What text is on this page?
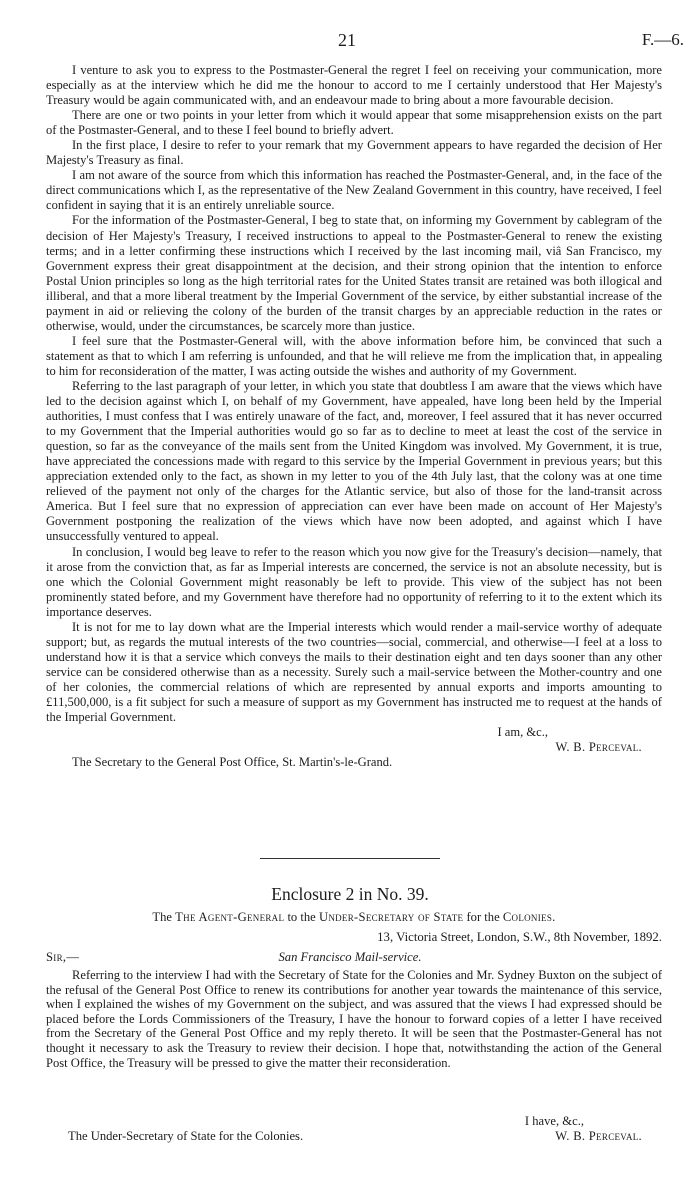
21	F.—6.

I venture to ask you to express to the Postmaster-General the regret I feel on receiving your communication, more especially as at the interview which he did me the honour to accord to me I certainly understood that Her Majesty's Treasury would be again communicated with, and an endeavour made to bring about a more favourable decision.

There are one or two points in your letter from which it would appear that some misapprehension exists on the part of the Postmaster-General, and to these I feel bound to briefly advert.

In the first place, I desire to refer to your remark that my Government appears to have regarded the decision of Her Majesty's Treasury as final.

I am not aware of the source from which this information has reached the Postmaster-General, and, in the face of the direct communications which I, as the representative of the New Zealand Government in this country, have received, I feel confident in saying that it is an entirely unreliable source.

For the information of the Postmaster-General, I beg to state that, on informing my Government by cablegram of the decision of Her Majesty's Treasury, I received instructions to appeal to the Postmaster-General to renew the existing terms; and in a letter confirming these instructions which I received by the last incoming mail, viâ San Francisco, my Government express their great disappointment at the decision, and their strong opinion that the intention to enforce Postal Union principles so long as the high territorial rates for the United States transit are retained was both illogical and illiberal, and that a more liberal treatment by the Imperial Government of the service, by either substantial increase of the payment in aid or relieving the colony of the burden of the transit charges by an appreciable reduction in the rates or otherwise, would, under the circumstances, be scarcely more than justice.

I feel sure that the Postmaster-General will, with the above information before him, be convinced that such a statement as that to which I am referring is unfounded, and that he will relieve me from the implication that, in appealing to him for reconsideration of the matter, I was acting outside the wishes and authority of my Government.

Referring to the last paragraph of your letter, in which you state that doubtless I am aware that the views which have led to the decision against which I, on behalf of my Government, have appealed, have long been held by the Imperial authorities, I must confess that I was entirely unaware of the fact, and, moreover, I feel assured that it has never occurred to my Government that the Imperial authorities would go so far as to decline to meet at least the cost of the service in question, so far as the conveyance of the mails sent from the United Kingdom was involved. My Government, it is true, have appreciated the concessions made with regard to this service by the Imperial Government in previous years; but this appreciation extended only to the fact, as shown in my letter to you of the 4th July last, that the colony was at one time relieved of the payment not only of the charges for the Atlantic service, but also of those for the land-transit across America. But I feel sure that no expression of appreciation can ever have been made on account of Her Majesty's Government postponing the realization of the views which have now been adopted, and against which I have unsuccessfully ventured to appeal.

In conclusion, I would beg leave to refer to the reason which you now give for the Treasury's decision—namely, that it arose from the conviction that, as far as Imperial interests are concerned, the service is not an absolute necessity, but is one which the Colonial Government might reasonably be left to provide. This view of the subject has not been prominently stated before, and my Government have therefore had no opportunity of referring to it to the extent which its importance deserves.

It is not for me to lay down what are the Imperial interests which would render a mail-service worthy of adequate support; but, as regards the mutual interests of the two countries—social, commercial, and otherwise—I feel at a loss to understand how it is that a service which conveys the mails to their destination eight and ten days sooner than any other service can be considered otherwise than as a necessity. Surely such a mail-service between the Mother-country and one of her colonies, the commercial relations of which are represented by annual exports and imports amounting to £11,500,000, is a fit subject for such a measure of support as my Government has instructed me to request at the hands of the Imperial Government.

I am, &c.,
W. B. Perceval.

The Secretary to the General Post Office, St. Martin's-le-Grand.

Enclosure 2 in No. 39.
The The Agent-General to the Under-Secretary of State for the Colonies.
13, Victoria Street, London, S.W., 8th November, 1892.
San Francisco Mail-service.
Sir,—

Referring to the interview I had with the Secretary of State for the Colonies and Mr. Sydney Buxton on the subject of the refusal of the General Post Office to renew its contributions for another year towards the maintenance of this service, when I explained the wishes of my Government on the subject, and was assured that the views I had expressed should be placed before the Lords Commissioners of the Treasury, I have the honour to forward copies of a letter I have received from the Secretary of the General Post Office and my reply thereto. It will be seen that the Postmaster-General has not thought it necessary to ask the Treasury to review their decision. I hope that, notwithstanding the action of the General Post Office, the Treasury will be pressed to give the matter their reconsideration.

I have, &c.,
The Under-Secretary of State for the Colonies.	W. B. Perceval.
